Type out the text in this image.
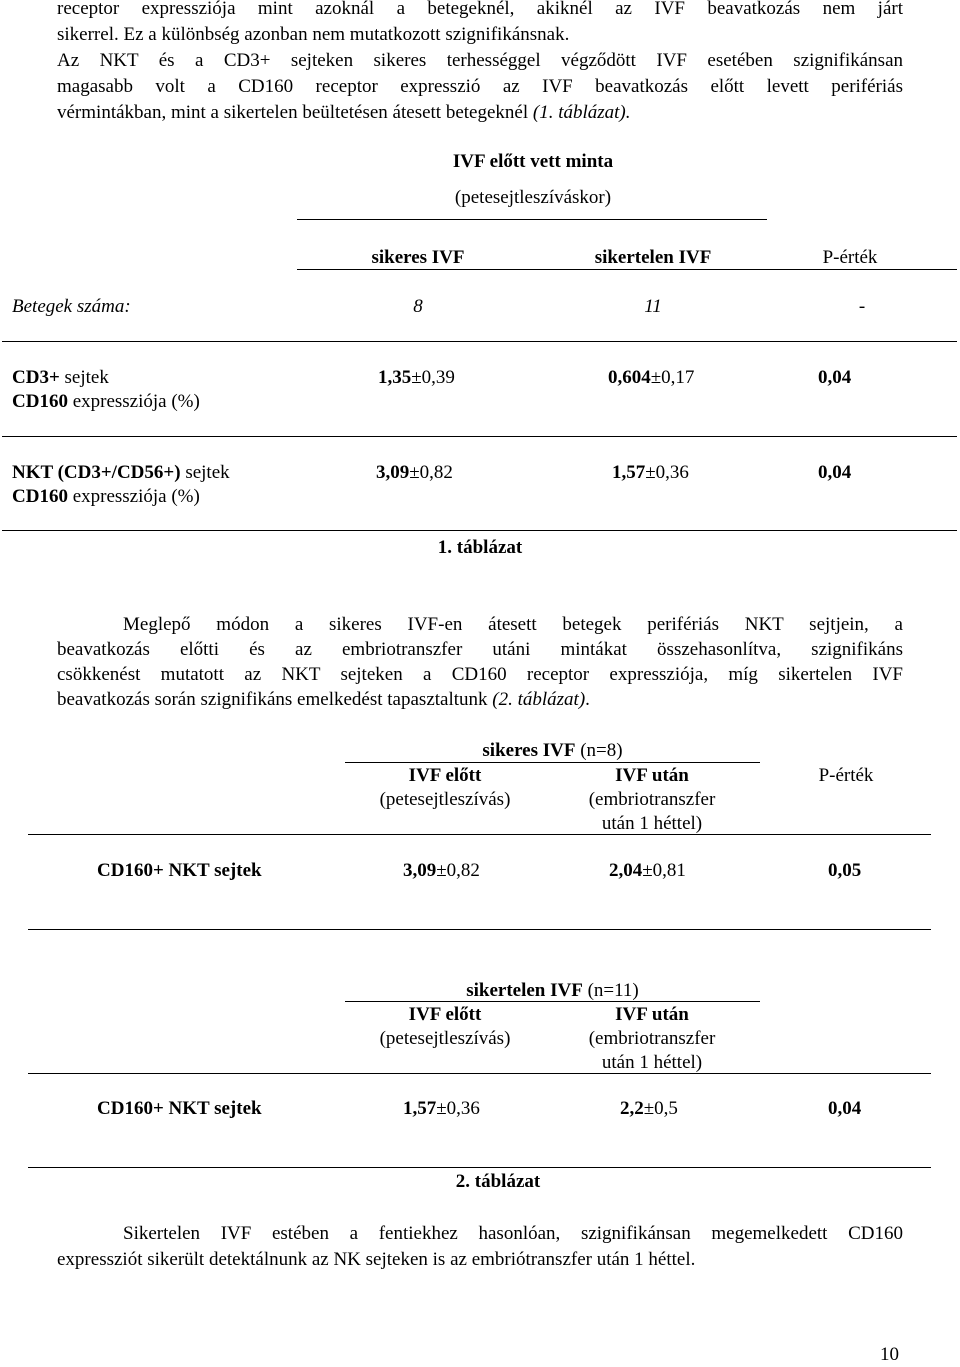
receptor expressziója mint azoknál a betegeknél, akiknél az IVF beavatkozás nem járt
sikerrel. Ez a különbség azonban nem mutatkozott szignifikánsnak.
Az NKT és a CD3+ sejteken sikeres terhességgel végződött IVF esetében szignifikánsan
magasabb volt a CD160 receptor expresszió az IVF beavatkozás előtt levett perifériás
vérmintákban, mint a sikertelen beültetésen átesett betegeknél (1. táblázat).
IVF előtt vett minta
(petesejtleszíváskor)
sikeres IVF	sikertelen IVF	P-érték
Betegek száma:	8	11	-
CD3+ sejtek
CD160 expressziója (%)
1,35±0,39	0,604±0,17	0,04
NKT (CD3+/CD56+) sejtek
CD160 expressziója (%)
3,09±0,82	1,57±0,36	0,04
1. táblázat
Meglepő módon a sikeres IVF-en átesett betegek perifériás NKT sejtjein, a
beavatkozás előtti és az embriotranszfer utáni mintákat összehasonlítva, szignifikáns
csökkenést mutatott az NKT sejteken a CD160 receptor expressziója, míg sikertelen IVF
beavatkozás során szignifikáns emelkedést tapasztaltunk (2. táblázat).
sikeres IVF (n=8)
IVF előtt
(petesejtleszívás)
IVF után
(embriotranszfer
után 1 héttel)
P-érték
CD160+ NKT sejtek	3,09±0,82	2,04±0,81	0,05
sikertelen IVF (n=11)
IVF előtt
(petesejtleszívás)
IVF után
(embriotranszfer
után 1 héttel)
CD160+ NKT sejtek	1,57±0,36	2,2±0,5	0,04
2. táblázat
Sikertelen IVF estében a fentiekhez hasonlóan, szignifikánsan megemelkedett CD160
expressziót sikerült detektálnunk az NK sejteken is az embriótranszfer után 1 héttel.
10
